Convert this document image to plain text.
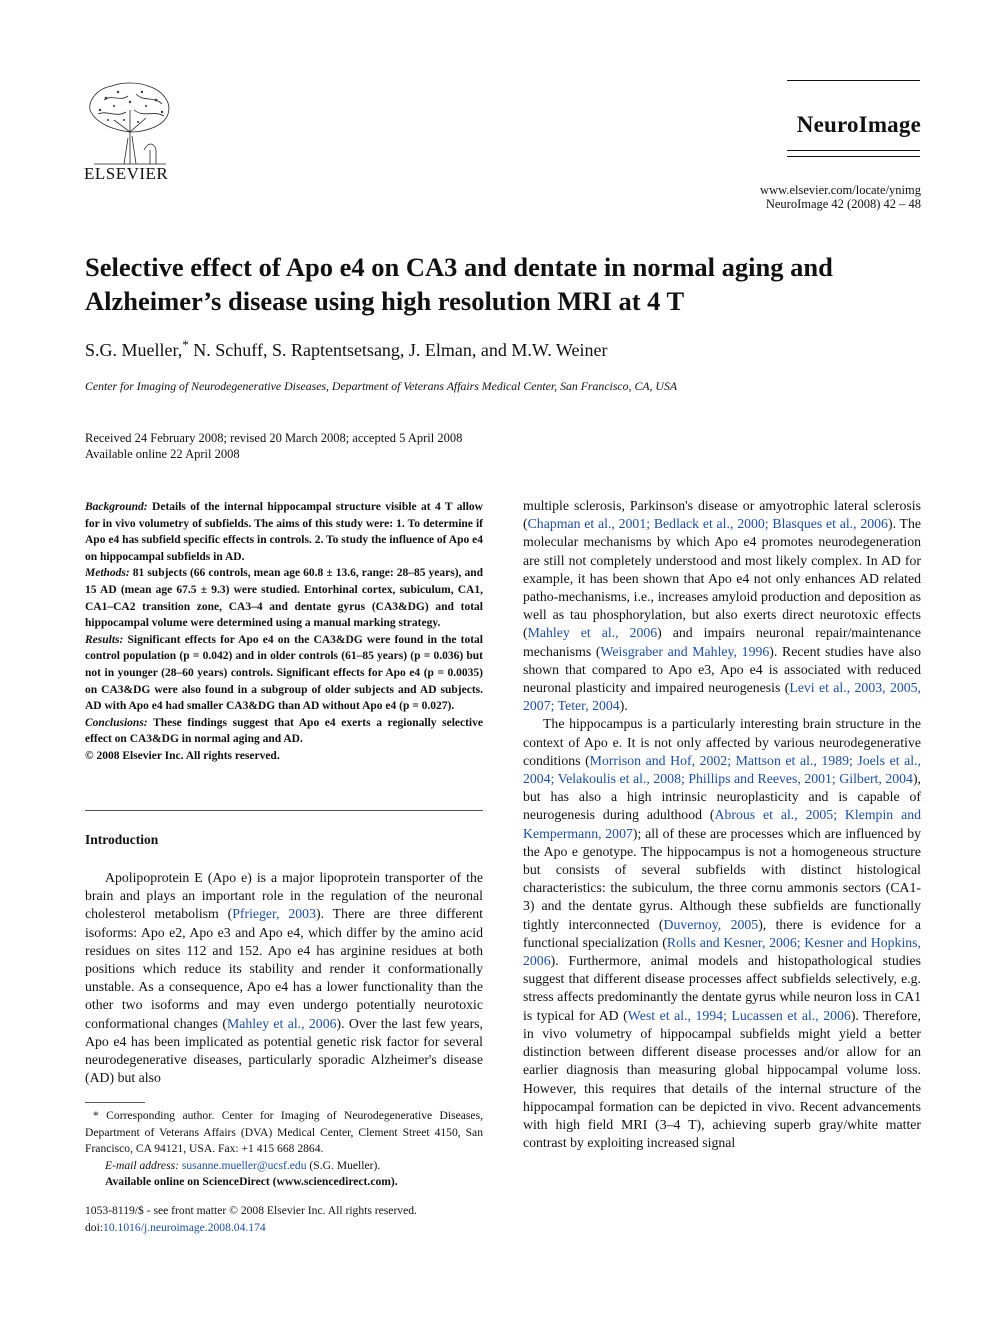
ELSEVIER
NeuroImage
www.elsevier.com/locate/ynimg
NeuroImage 42 (2008) 42 – 48
Selective effect of Apo e4 on CA3 and dentate in normal aging and Alzheimer’s disease using high resolution MRI at 4 T
S.G. Mueller,* N. Schuff, S. Raptentsetsang, J. Elman, and M.W. Weiner
Center for Imaging of Neurodegenerative Diseases, Department of Veterans Affairs Medical Center, San Francisco, CA, USA
Received 24 February 2008; revised 20 March 2008; accepted 5 April 2008
Available online 22 April 2008

Background: Details of the internal hippocampal structure visible at 4 T allow for in vivo volumetry of subfields. The aims of this study were: 1. To determine if Apo e4 has subfield specific effects in controls. 2. To study the influence of Apo e4 on hippocampal subfields in AD.

Methods: 81 subjects (66 controls, mean age 60.8 ± 13.6, range: 28–85 years), and 15 AD (mean age 67.5 ± 9.3) were studied. Entorhinal cortex, subiculum, CA1, CA1–CA2 transition zone, CA3–4 and dentate gyrus (CA3&DG) and total hippocampal volume were determined using a manual marking strategy.

Results: Significant effects for Apo e4 on the CA3&DG were found in the total control population (p = 0.042) and in older controls (61–85 years) (p = 0.036) but not in younger (28–60 years) controls. Significant effects for Apo e4 (p = 0.0035) on CA3&DG were also found in a subgroup of older subjects and AD subjects. AD with Apo e4 had smaller CA3&DG than AD without Apo e4 (p = 0.027).

Conclusions: These findings suggest that Apo e4 exerts a regionally selective effect on CA3&DG in normal aging and AD.

© 2008 Elsevier Inc. All rights reserved.

Introduction

Apolipoprotein E (Apo e) is a major lipoprotein transporter of the brain and plays an important role in the regulation of the neuronal cholesterol metabolism (Pfrieger, 2003). There are three different isoforms: Apo e2, Apo e3 and Apo e4, which differ by the amino acid residues on sites 112 and 152. Apo e4 has arginine residues at both positions which reduce its stability and render it conformationally unstable. As a consequence, Apo e4 has a lower functionality than the other two isoforms and may even undergo potentially neurotoxic conformational changes (Mahley et al., 2006). Over the last few years, Apo e4 has been implicated as potential genetic risk factor for several neurodegenerative diseases, particularly sporadic Alzheimer's disease (AD) but also

* Corresponding author. Center for Imaging of Neurodegenerative Diseases, Department of Veterans Affairs (DVA) Medical Center, Clement Street 4150, San Francisco, CA 94121, USA. Fax: +1 415 668 2864.

E-mail address: susanne.mueller@ucsf.edu (S.G. Mueller).

Available online on ScienceDirect (www.sciencedirect.com).

1053-8119/$ - see front matter © 2008 Elsevier Inc. All rights reserved.
doi:10.1016/j.neuroimage.2008.04.174

multiple sclerosis, Parkinson's disease or amyotrophic lateral sclerosis (Chapman et al., 2001; Bedlack et al., 2000; Blasques et al., 2006). The molecular mechanisms by which Apo e4 promotes neurodegeneration are still not completely understood and most likely complex. In AD for example, it has been shown that Apo e4 not only enhances AD related patho-mechanisms, i.e., increases amyloid production and deposition as well as tau phosphorylation, but also exerts direct neurotoxic effects (Mahley et al., 2006) and impairs neuronal repair/maintenance mechanisms (Weisgraber and Mahley, 1996). Recent studies have also shown that compared to Apo e3, Apo e4 is associated with reduced neuronal plasticity and impaired neurogenesis (Levi et al., 2003, 2005, 2007; Teter, 2004).

The hippocampus is a particularly interesting brain structure in the context of Apo e. It is not only affected by various neurodegenerative conditions (Morrison and Hof, 2002; Mattson et al., 1989; Joels et al., 2004; Velakoulis et al., 2008; Phillips and Reeves, 2001; Gilbert, 2004), but has also a high intrinsic neuroplasticity and is capable of neurogenesis during adulthood (Abrous et al., 2005; Klempin and Kempermann, 2007); all of these are processes which are influenced by the Apo e genotype. The hippocampus is not a homogeneous structure but consists of several subfields with distinct histological characteristics: the subiculum, the three cornu ammonis sectors (CA1-3) and the dentate gyrus. Although these subfields are functionally tightly interconnected (Duvernoy, 2005), there is evidence for a functional specialization (Rolls and Kesner, 2006; Kesner and Hopkins, 2006). Furthermore, animal models and histopathological studies suggest that different disease processes affect subfields selectively, e.g. stress affects predominantly the dentate gyrus while neuron loss in CA1 is typical for AD (West et al., 1994; Lucassen et al., 2006). Therefore, in vivo volumetry of hippocampal subfields might yield a better distinction between different disease processes and/or allow for an earlier diagnosis than measuring global hippocampal volume loss. However, this requires that details of the internal structure of the hippocampal formation can be depicted in vivo. Recent advancements with high field MRI (3–4 T), achieving superb gray/white matter contrast by exploiting increased signal
